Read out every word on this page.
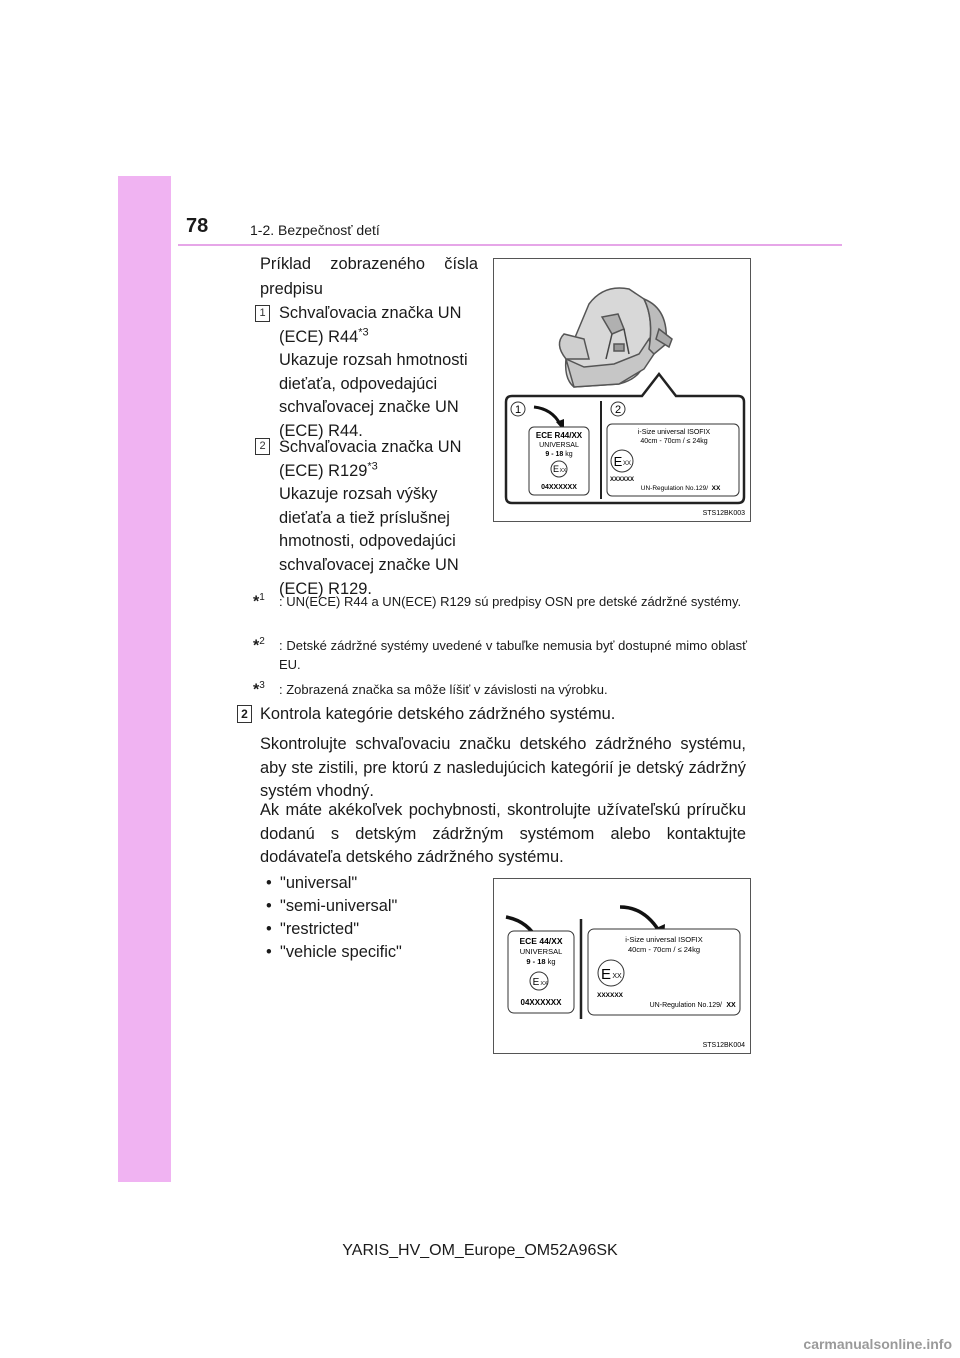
78	1-2. Bezpečnosť detí
Príklad zobrazeného čísla
predpisu
1 Schvaľovacia značka UN (ECE) R44$^{*3}$
Ukazuje rozsah hmotnosti dieťaťa, odpovedajúci schvaľovacej značke UN (ECE) R44.
2 Schvaľovacia značka UN (ECE) R129$^{*3}$
Ukazuje rozsah výšky dieťaťa a tiež príslušnej hmotnosti, odpovedajúci schvaľovacej značke UN (ECE) R129.
1	2
ECE R44/XX
UNIVERSAL
9 - 18 kg
E XX
04XXXXXX
i-Size universal ISOFIX
40cm - 70cm / ≤ 24kg
E XX
XXXXXX
UN-Regulation No.129/ XX
STS12BK003
*$^1$	: UN(ECE) R44 a UN(ECE) R129 sú predpisy OSN pre detské zádržné systémy.
*$^2$	: Detské zádržné systémy uvedené v tabuľke nemusia byť dostupné mimo oblasť EU.
*$^3$	: Zobrazená značka sa môže líšiť v závislosti na výrobku.
2 Kontrola kategórie detského zádržného systému.
Skontrolujte schvaľovaciu značku detského zádržného systému, aby ste zistili, pre ktorú z nasledujúcich kategórií je detský zádržný systém vhodný.
Ak máte akékoľvek pochybnosti, skontrolujte užívateľskú príručku dodanú s detským zádržným systémom alebo kontaktujte dodávateľa detského zádržného systému.
• "universal"
• "semi-universal"
• "restricted"
• "vehicle specific"
ECE 44/XX
UNIVERSAL
9 - 18 kg
E XX
04XXXXXX
i-Size universal ISOFIX
40cm - 70cm / ≤ 24kg
E XX
XXXXXX
UN-Regulation No.129/ XX
STS12BK004
YARIS_HV_OM_Europe_OM52A96SK
carmanualsonline.info
